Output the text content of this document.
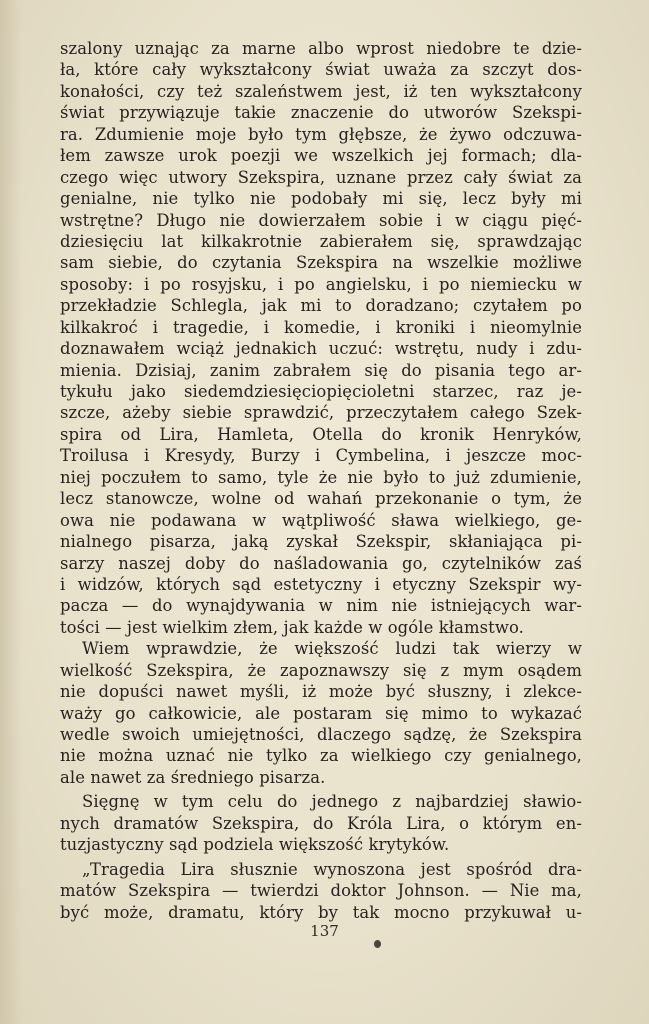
szalony uznając za marne albo wprost niedobre te dzie-
ła, które cały wykształcony świat uważa za szczyt dos-
konałości, czy też szaleństwem jest, iż ten wykształcony
świat przywiązuje takie znaczenie do utworów Szekspi-
ra. Zdumienie moje było tym głębsze, że żywo odczuwa-
łem zawsze urok poezji we wszelkich jej formach; dla-
czego więc utwory Szekspira, uznane przez cały świat za
genialne, nie tylko nie podobały mi się, lecz były mi
wstrętne? Długo nie dowierzałem sobie i w ciągu pięć-
dziesięciu lat kilkakrotnie zabierałem się, sprawdzając
sam siebie, do czytania Szekspira na wszelkie możliwe
sposoby: i po rosyjsku, i po angielsku, i po niemiecku w
przekładzie Schlegla, jak mi to doradzano; czytałem po
kilkakroć i tragedie, i komedie, i kroniki i nieomylnie
doznawałem wciąż jednakich uczuć: wstrętu, nudy i zdu-
mienia. Dzisiaj, zanim zabrałem się do pisania tego ar-
tykułu jako siedemdziesięciopięcioletni starzec, raz je-
szcze, ażeby siebie sprawdzić, przeczytałem całego Szek-
spira od Lira, Hamleta, Otella do kronik Henryków,
Troilusa i Kresydy, Burzy i Cymbelina, i jeszcze moc-
niej poczułem to samo, tyle że nie było to już zdumienie,
lecz stanowcze, wolne od wahań przekonanie o tym, że
owa nie podawana w wątpliwość sława wielkiego, ge-
nialnego pisarza, jaką zyskał Szekspir, skłaniająca pi-
sarzy naszej doby do naśladowania go, czytelników zaś
i widzów, których sąd estetyczny i etyczny Szekspir wy-
pacza — do wynajdywania w nim nie istniejących war-
tości — jest wielkim złem, jak każde w ogóle kłamstwo.
Wiem wprawdzie, że większość ludzi tak wierzy w
wielkość Szekspira, że zapoznawszy się z mym osądem
nie dopuści nawet myśli, iż może być słuszny, i zlekce-
waży go całkowicie, ale postaram się mimo to wykazać
wedle swoich umiejętności, dlaczego sądzę, że Szekspira
nie można uznać nie tylko za wielkiego czy genialnego,
ale nawet za średniego pisarza.
Sięgnę w tym celu do jednego z najbardziej sławio-
nych dramatów Szekspira, do Króla Lira, o którym en-
tuzjastyczny sąd podziela większość krytyków.
„Tragedia Lira słusznie wynoszona jest spośród dra-
matów Szekspira — twierdzi doktor Johnson. — Nie ma,
być może, dramatu, który by tak mocno przykuwał u-
137
